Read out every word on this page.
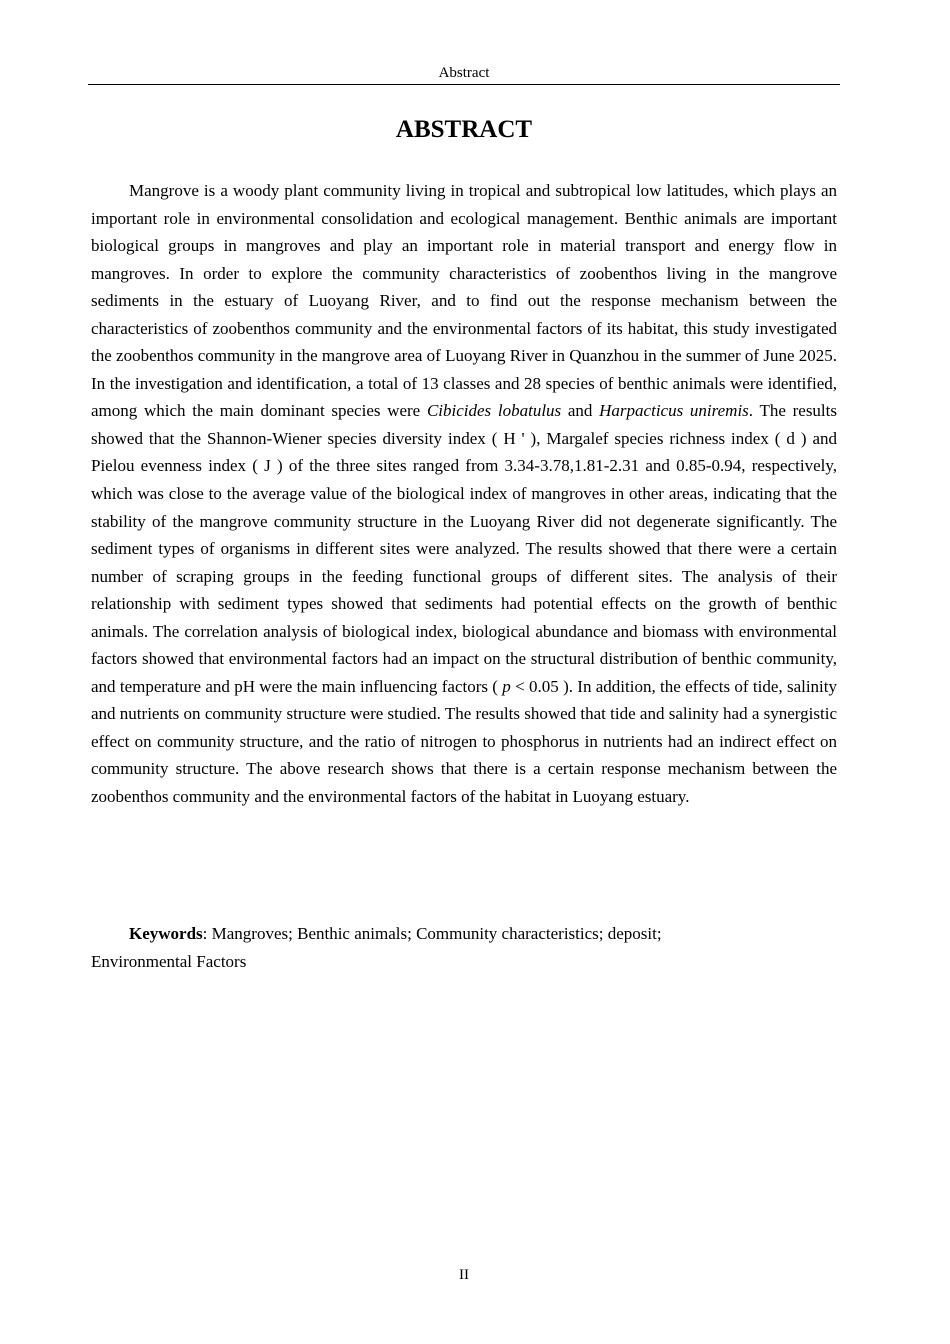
Abstract
ABSTRACT

Mangrove is a woody plant community living in tropical and subtropical low latitudes, which plays an important role in environmental consolidation and ecological management. Benthic animals are important biological groups in mangroves and play an important role in material transport and energy flow in mangroves. In order to explore the community characteristics of zoobenthos living in the mangrove sediments in the estuary of Luoyang River, and to find out the response mechanism between the characteristics of zoobenthos community and the environmental factors of its habitat, this study investigated the zoobenthos community in the mangrove area of Luoyang River in Quanzhou in the summer of June 2025. In the investigation and identification, a total of 13 classes and 28 species of benthic animals were identified, among which the main dominant species were Cibicides lobatulus and Harpacticus uniremis. The results showed that the Shannon-Wiener species diversity index ( H ' ), Margalef species richness index ( d ) and Pielou evenness index ( J ) of the three sites ranged from 3.34-3.78,1.81-2.31 and 0.85-0.94, respectively, which was close to the average value of the biological index of mangroves in other areas, indicating that the stability of the mangrove community structure in the Luoyang River did not degenerate significantly. The sediment types of organisms in different sites were analyzed. The results showed that there were a certain number of scraping groups in the feeding functional groups of different sites. The analysis of their relationship with sediment types showed that sediments had potential effects on the growth of benthic animals. The correlation analysis of biological index, biological abundance and biomass with environmental factors showed that environmental factors had an impact on the structural distribution of benthic community, and temperature and pH were the main influencing factors ( p < 0.05 ). In addition, the effects of tide, salinity and nutrients on community structure were studied. The results showed that tide and salinity had a synergistic effect on community structure, and the ratio of nitrogen to phosphorus in nutrients had an indirect effect on community structure. The above research shows that there is a certain response mechanism between the zoobenthos community and the environmental factors of the habitat in Luoyang estuary.

Keywords: Mangroves; Benthic animals; Community characteristics; deposit;
Environmental Factors

II
